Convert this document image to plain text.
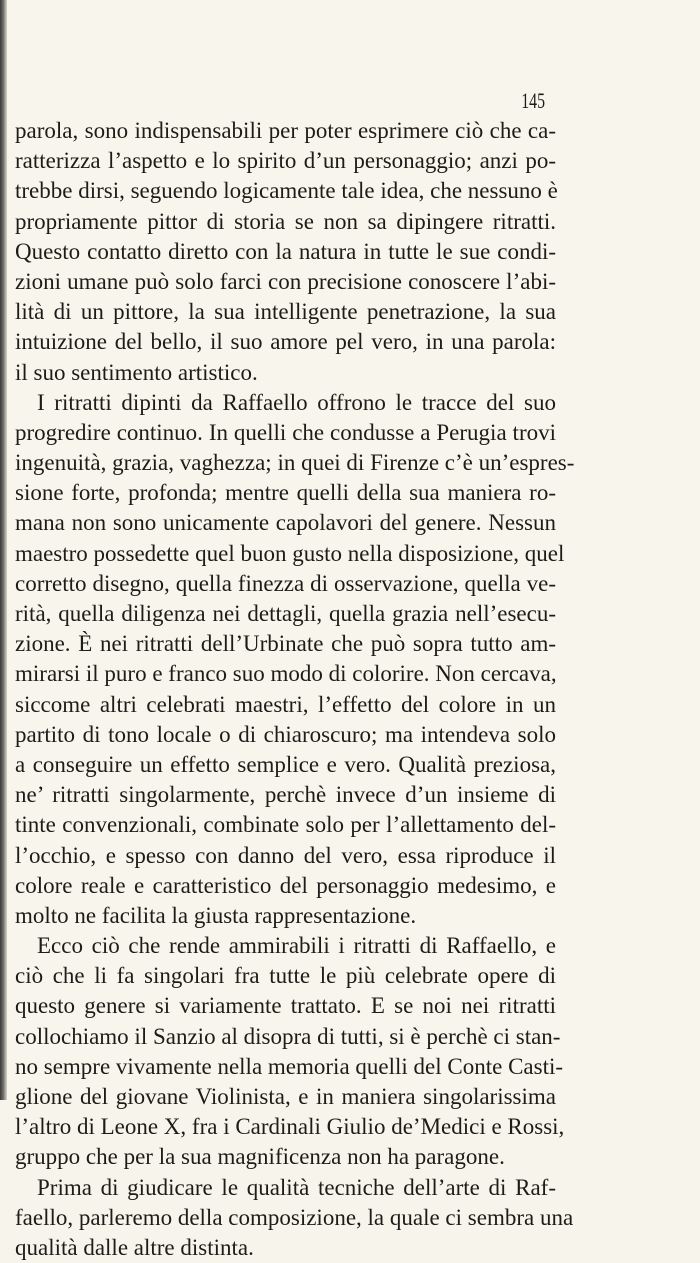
145
parola, sono indispensabili per poter esprimere ciò che ca-
ratterizza l’aspetto e lo spirito d’un personaggio; anzi po-
trebbe dirsi, seguendo logicamente tale idea, che nessuno è
propriamente pittor di storia se non sa dipingere ritratti.
Questo contatto diretto con la natura in tutte le sue condi-
zioni umane può solo farci con precisione conoscere l’abi-
lità di un pittore, la sua intelligente penetrazione, la sua
intuizione del bello, il suo amore pel vero, in una parola:
il suo sentimento artistico.
I ritratti dipinti da Raffaello offrono le tracce del suo
progredire continuo. In quelli che condusse a Perugia trovi
ingenuità, grazia, vaghezza; in quei di Firenze c’è un’espres-
sione forte, profonda; mentre quelli della sua maniera ro-
mana non sono unicamente capolavori del genere. Nessun
maestro possedette quel buon gusto nella disposizione, quel
corretto disegno, quella finezza di osservazione, quella ve-
rità, quella diligenza nei dettagli, quella grazia nell’esecu-
zione. È nei ritratti dell’Urbinate che può sopra tutto am-
mirarsi il puro e franco suo modo di colorire. Non cercava,
siccome altri celebrati maestri, l’effetto del colore in un
partito di tono locale o di chiaroscuro; ma intendeva solo
a conseguire un effetto semplice e vero. Qualità preziosa,
ne’ ritratti singolarmente, perchè invece d’un insieme di
tinte convenzionali, combinate solo per l’allettamento del-
l’occhio, e spesso con danno del vero, essa riproduce il
colore reale e caratteristico del personaggio medesimo, e
molto ne facilita la giusta rappresentazione.
Ecco ciò che rende ammirabili i ritratti di Raffaello, e
ciò che li fa singolari fra tutte le più celebrate opere di
questo genere si variamente trattato. E se noi nei ritratti
collochiamo il Sanzio al disopra di tutti, si è perchè ci stan-
no sempre vivamente nella memoria quelli del Conte Casti-
glione del giovane Violinista, e in maniera singolarissima
l’altro di Leone X, fra i Cardinali Giulio de’Medici e Rossi,
gruppo che per la sua magnificenza non ha paragone.
Prima di giudicare le qualità tecniche dell’arte di Raf-
faello, parleremo della composizione, la quale ci sembra una
qualità dalle altre distinta.
